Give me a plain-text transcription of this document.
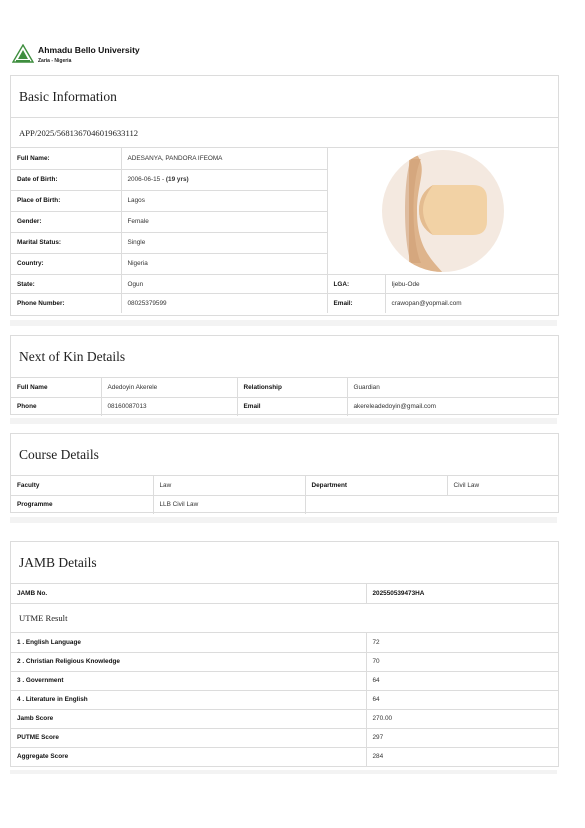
Ahmadu Bello University
Zaria - Nigeria
Basic Information
APP/2025/5681367046019633112
Full Name:	ADESANYA, PANDORA IFEOMA	

Date of Birth:	2006-06-15 - (19 yrs)		
Place of Birth:	Lagos		
Gender:	Female		
Marital Status:	Single		
Country:	Nigeria		
State:	Ogun	LGA:	Ijebu-Ode
Phone Number:	08025379599	Email:	crawopan@yopmail.com
Next of Kin Details
Full Name	Adedoyin Akerele	Relationship	Guardian
Phone	08160087013	Email	akereleadedoyin@gmail.com
Course Details
Faculty	Law	Department	Civil Law
Programme	LLB Civil Law		
JAMB Details
JAMB No.	202550539473HA
UTME Result
1 . English Language	72
2 . Christian Religious Knowledge	70
3 . Government	64
4 . Literature in English	64
Jamb Score	270.00
PUTME Score	297
Aggregate Score	284
